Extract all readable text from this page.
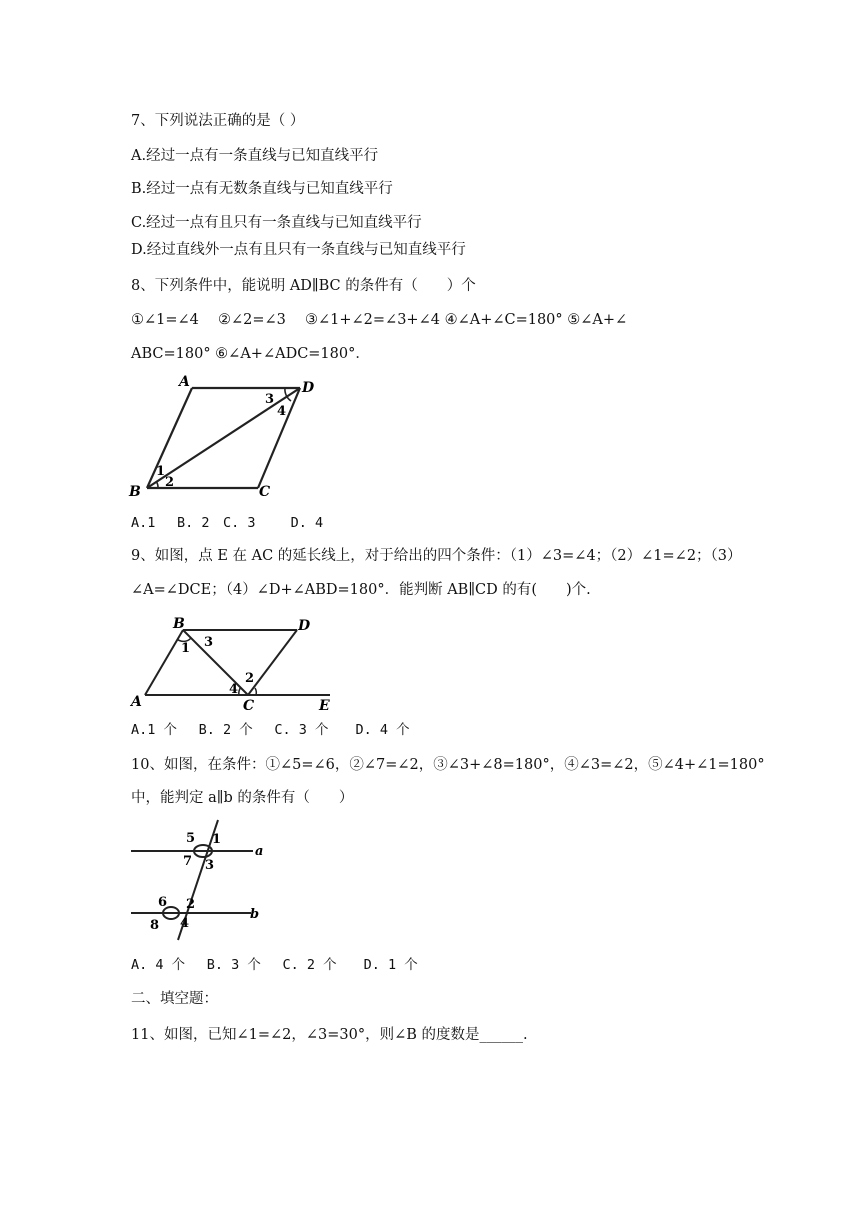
7、下列说法正确的是（ ）
A.经过一点有一条直线与已知直线平行
B.经过一点有无数条直线与已知直线平行
C.经过一点有且只有一条直线与已知直线平行
D.经过直线外一点有且只有一条直线与已知直线平行
8、下列条件中，能说明 AD∥BC 的条件有（　　）个
①∠1=∠4　 ②∠2=∠3　 ③∠1+∠2=∠3+∠4 ④∠A+∠C=180° ⑤∠A+∠
ABC=180° ⑥∠A+∠ADC=180°．
A	D
B	C
1
2
3
4
A.1　 B. 2　C. 3　　 D. 4
9、如图，点 E 在 AC 的延长线上，对于给出的四个条件：（1）∠3=∠4；（2）∠1=∠2；（3）
∠A=∠DCE；（4）∠D+∠ABD=180°．能判断 AB∥CD 的有(　　)个.
B	D
A	C	E
1 3
4
2
A.1 个　 B. 2 个　 C. 3 个　　D. 4 个
10、如图，在条件：①∠5=∠6，②∠7=∠2，③∠3+∠8=180°，④∠3=∠2，⑤∠4+∠1=180°
中，能判定 a∥b 的条件有（　　）
a
b
5 1
7 3
6 2
8 4
A. 4 个　 B. 3 个　 C. 2 个　　D. 1 个
二、填空题：
11、如图，已知∠1=∠2，∠3=30°，则∠B 的度数是______.
